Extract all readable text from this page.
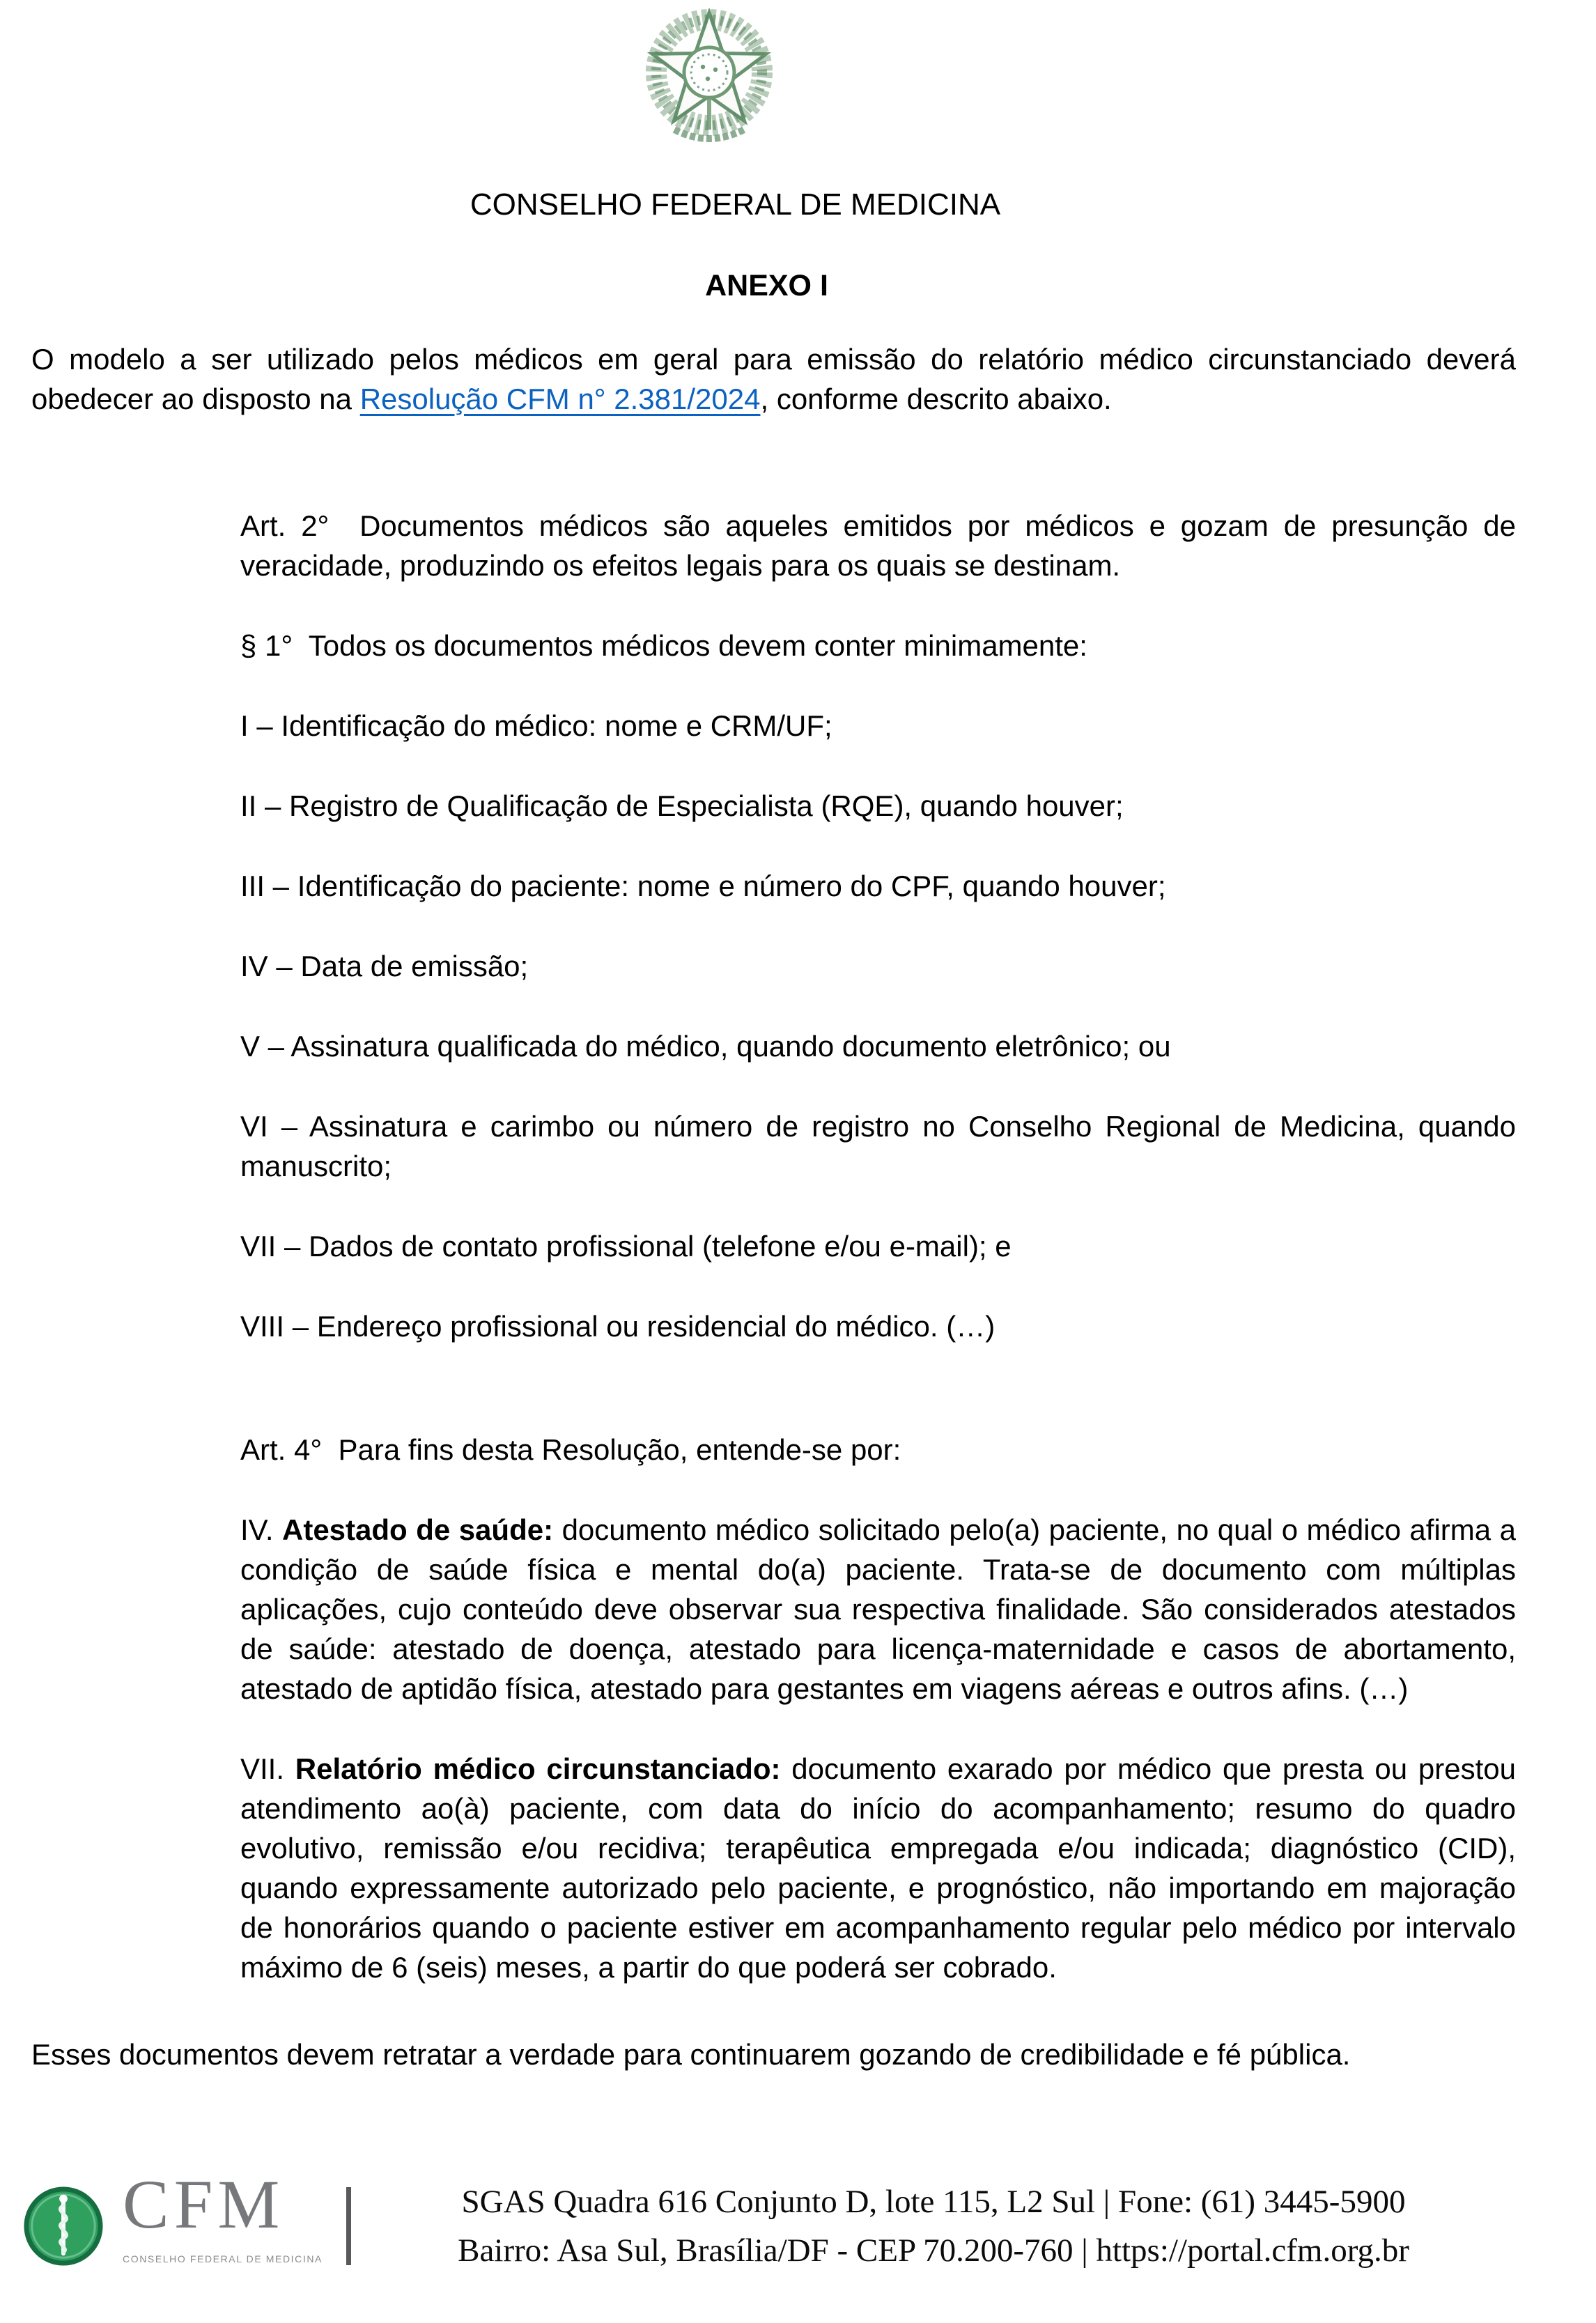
CONSELHO FEDERAL DE MEDICINA
ANEXO I

O modelo a ser utilizado pelos médicos em geral para emissão do relatório médico circunstanciado deverá obedecer ao disposto na Resolução CFM n° 2.381/2024, conforme descrito abaixo.

Art. 2°  Documentos médicos são aqueles emitidos por médicos e gozam de presunção de veracidade, produzindo os efeitos legais para os quais se destinam.

§ 1°  Todos os documentos médicos devem conter minimamente:

I – Identificação do médico: nome e CRM/UF;

II – Registro de Qualificação de Especialista (RQE), quando houver;

III – Identificação do paciente: nome e número do CPF, quando houver;

IV – Data de emissão;

V – Assinatura qualificada do médico, quando documento eletrônico; ou

VI – Assinatura e carimbo ou número de registro no Conselho Regional de Medicina, quando manuscrito;

VII – Dados de contato profissional (telefone e/ou e-mail); e

VIII – Endereço profissional ou residencial do médico. (…)

Art. 4°  Para fins desta Resolução, entende-se por:

IV. Atestado de saúde: documento médico solicitado pelo(a) paciente, no qual o médico afirma a condição de saúde física e mental do(a) paciente. Trata-se de documento com múltiplas aplicações, cujo conteúdo deve observar sua respectiva finalidade. São considerados atestados de saúde: atestado de doença, atestado para licença-maternidade e casos de abortamento, atestado de aptidão física, atestado para gestantes em viagens aéreas e outros afins. (…)

VII. Relatório médico circunstanciado: documento exarado por médico que presta ou prestou atendimento ao(à) paciente, com data do início do acompanhamento; resumo do quadro evolutivo, remissão e/ou recidiva; terapêutica empregada e/ou indicada; diagnóstico (CID), quando expressamente autorizado pelo paciente, e prognóstico, não importando em majoração de honorários quando o paciente estiver em acompanhamento regular pelo médico por intervalo máximo de 6 (seis) meses, a partir do que poderá ser cobrado.

Esses documentos devem retratar a verdade para continuarem gozando de credibilidade e fé pública.

CFM
CONSELHO FEDERAL DE MEDICINA
SGAS Quadra 616 Conjunto D, lote 115, L2 Sul | Fone: (61) 3445-5900
Bairro: Asa Sul, Brasília/DF - CEP 70.200-760 | https://portal.cfm.org.br
